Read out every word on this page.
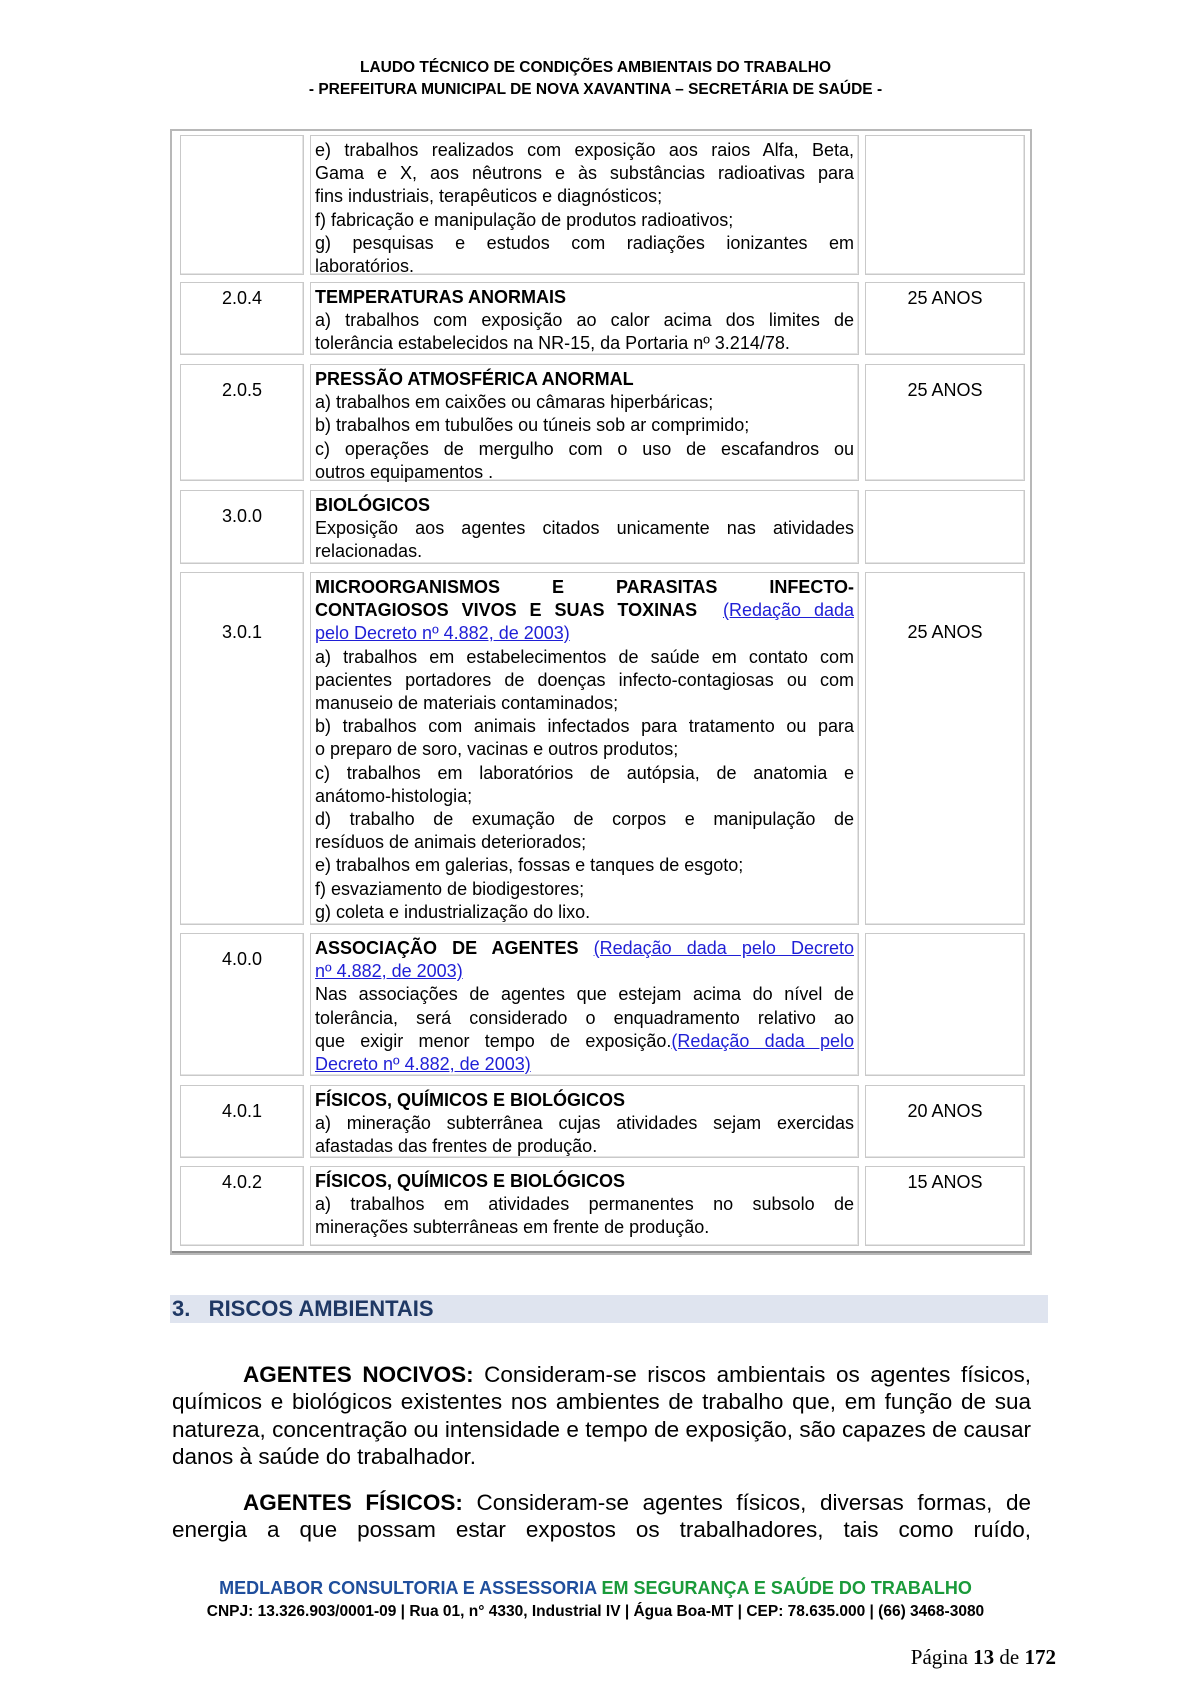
LAUDO TÉCNICO DE CONDIÇÕES AMBIENTAIS DO TRABALHO
- PREFEITURA MUNICIPAL DE NOVA XAVANTINA – SECRETÁRIA DE SAÚDE -

e) trabalhos realizados com exposição aos raios Alfa, Beta,

Gama e X, aos nêutrons e às substâncias radioativas para

fins industriais, terapêuticos e diagnósticos;

f) fabricação e manipulação de produtos radioativos;

g) pesquisas e estudos com radiações ionizantes em

laboratórios.

2.0.4	TEMPERATURAS ANORMAIS

a) trabalhos com exposição ao calor acima dos limites de

tolerância estabelecidos na NR-15, da Portaria nº 3.214/78.

25 ANOS
2.0.5

PRESSÃO ATMOSFÉRICA ANORMAL

a) trabalhos em caixões ou câmaras hiperbáricas;

b) trabalhos em tubulões ou túneis sob ar comprimido;

c) operações de mergulho com o uso de escafandros ou

outros equipamentos .

25 ANOS
3.0.0

BIOLÓGICOS

Exposição aos agentes citados unicamente nas atividades

relacionadas.

3.0.1

MICROORGANISMOS E PARASITAS INFECTO-

CONTAGIOSOS VIVOS E SUAS TOXINAS (Redação dada

pelo Decreto nº 4.882, de 2003)

a) trabalhos em estabelecimentos de saúde em contato com

pacientes portadores de doenças infecto-contagiosas ou com

manuseio de materiais contaminados;

b) trabalhos com animais infectados para tratamento ou para

o preparo de soro, vacinas e outros produtos;

c) trabalhos em laboratórios de autópsia, de anatomia e

anátomo-histologia;

d) trabalho de exumação de corpos e manipulação de

resíduos de animais deteriorados;

e) trabalhos em galerias, fossas e tanques de esgoto;

f) esvaziamento de biodigestores;

g) coleta e industrialização do lixo.

25 ANOS
4.0.0

ASSOCIAÇÃO DE AGENTES (Redação dada pelo Decreto

nº 4.882, de 2003)

Nas associações de agentes que estejam acima do nível de

tolerância, será considerado o enquadramento relativo ao

que exigir menor tempo de exposição.(Redação dada pelo

Decreto nº 4.882, de 2003)

4.0.1

FÍSICOS, QUÍMICOS E BIOLÓGICOS

a) mineração subterrânea cujas atividades sejam exercidas

afastadas das frentes de produção.

20 ANOS
4.0.2	FÍSICOS, QUÍMICOS E BIOLÓGICOS

a) trabalhos em atividades permanentes no subsolo de

minerações subterrâneas em frente de produção.

15 ANOS
3.   RISCOS AMBIENTAIS
AGENTES NOCIVOS: Consideram-se riscos ambientais os agentes físicos, químicos e biológicos existentes nos ambientes de trabalho que, em função de sua natureza, concentração ou intensidade e tempo de exposição, são capazes de causar danos à saúde do trabalhador.
AGENTES FÍSICOS: Consideram-se agentes físicos, diversas formas, de energia a que possam estar expostos os trabalhadores, tais como ruído,
MEDLABOR CONSULTORIA E ASSESSORIA EM SEGURANÇA E SAÚDE DO TRABALHO
CNPJ: 13.326.903/0001-09 | Rua 01, n° 4330, Industrial IV | Água Boa-MT | CEP: 78.635.000 | (66) 3468-3080
Página 13 de 172
